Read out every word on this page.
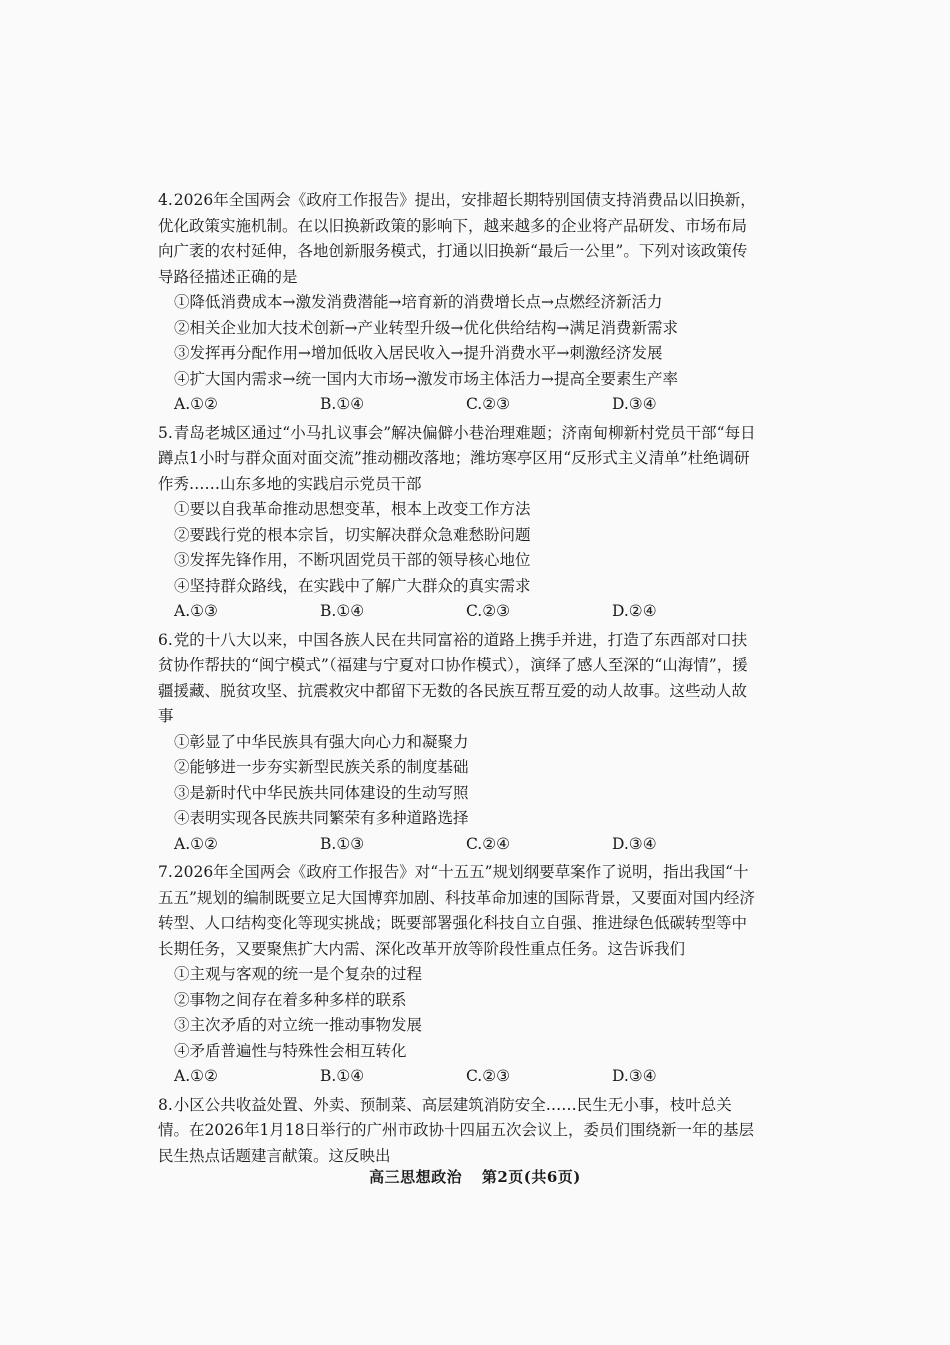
4.2026年全国两会《政府工作报告》提出，安排超长期特别国债支持消费品以旧换新，优化政策实施机制。在以旧换新政策的影响下，越来越多的企业将产品研发、市场布局向广袤的农村延伸，各地创新服务模式，打通以旧换新“最后一公里”。下列对该政策传导路径描述正确的是

①降低消费成本→激发消费潜能→培育新的消费增长点→点燃经济新活力

②相关企业加大技术创新→产业转型升级→优化供给结构→满足消费新需求

③发挥再分配作用→增加低收入居民收入→提升消费水平→刺激经济发展

④扩大国内需求→统一国内大市场→激发市场主体活力→提高全要素生产率

A.①②	B.①④	C.②③	D.③④

5.青岛老城区通过“小马扎议事会”解决偏僻小巷治理难题；济南甸柳新村党员干部“每日蹲点1小时与群众面对面交流”推动棚改落地；潍坊寒亭区用“反形式主义清单”杜绝调研作秀……山东多地的实践启示党员干部

①要以自我革命推动思想变革，根本上改变工作方法

②要践行党的根本宗旨，切实解决群众急难愁盼问题

③发挥先锋作用，不断巩固党员干部的领导核心地位

④坚持群众路线，在实践中了解广大群众的真实需求

A.①③	B.①④	C.②③	D.②④

6.党的十八大以来，中国各族人民在共同富裕的道路上携手并进，打造了东西部对口扶贫协作帮扶的“闽宁模式”（福建与宁夏对口协作模式），演绎了感人至深的“山海情”，援疆援藏、脱贫攻坚、抗震救灾中都留下无数的各民族互帮互爱的动人故事。这些动人故事

①彰显了中华民族具有强大向心力和凝聚力

②能够进一步夯实新型民族关系的制度基础

③是新时代中华民族共同体建设的生动写照

④表明实现各民族共同繁荣有多种道路选择

A.①②	B.①③	C.②④	D.③④

7.2026年全国两会《政府工作报告》对“十五五”规划纲要草案作了说明，指出我国“十五五”规划的编制既要立足大国博弈加剧、科技革命加速的国际背景，又要面对国内经济转型、人口结构变化等现实挑战；既要部署强化科技自立自强、推进绿色低碳转型等中长期任务，又要聚焦扩大内需、深化改革开放等阶段性重点任务。这告诉我们

①主观与客观的统一是个复杂的过程

②事物之间存在着多种多样的联系

③主次矛盾的对立统一推动事物发展

④矛盾普遍性与特殊性会相互转化

A.①②	B.①④	C.②③	D.③④

8.小区公共收益处置、外卖、预制菜、高层建筑消防安全……民生无小事，枝叶总关情。在2026年1月18日举行的广州市政协十四届五次会议上，委员们围绕新一年的基层民生热点话题建言献策。这反映出

高三思想政治 第2页(共6页)
